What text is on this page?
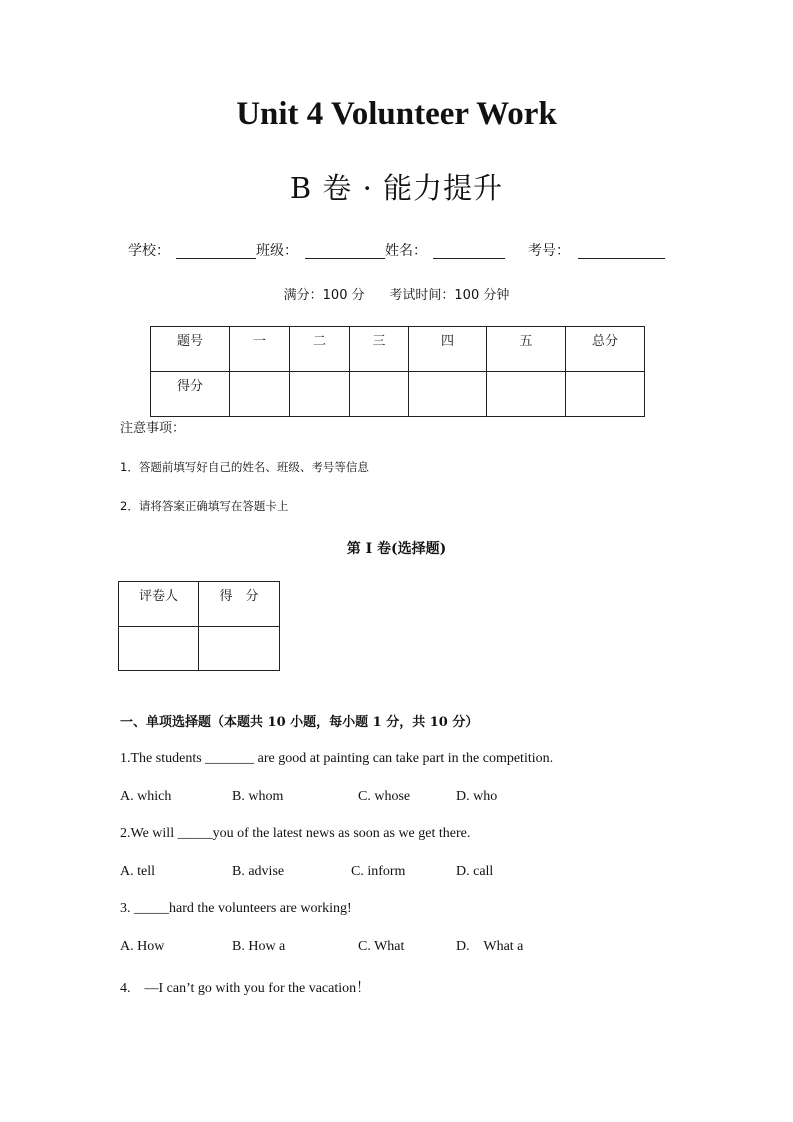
Unit 4 Volunteer Work
B 卷 · 能力提升
学校：	班级：	姓名：	考号：
满分：100 分      考试时间：100 分钟
题号	一	二	三	四	五	总分

得分						

注意事项：
1．答题前填写好自己的姓名、班级、考号等信息
2．请将答案正确填写在答题卡上
第 I 卷(选择题)
评卷人	得　分

一、单项选择题（本题共 10 小题，每小题 1 分，共 10 分）
1.The students _______ are good at painting can take part in the competition.
A. which	B. whom	C. whose	D. who
2.We will _____you of the latest news as soon as we get there.
A. tell	B. advise	C. inform	D. call
3. _____hard the volunteers are working!
A. How	B. How a	C. What	D.    What a
4.    —I can’t go with you for the vacation！
